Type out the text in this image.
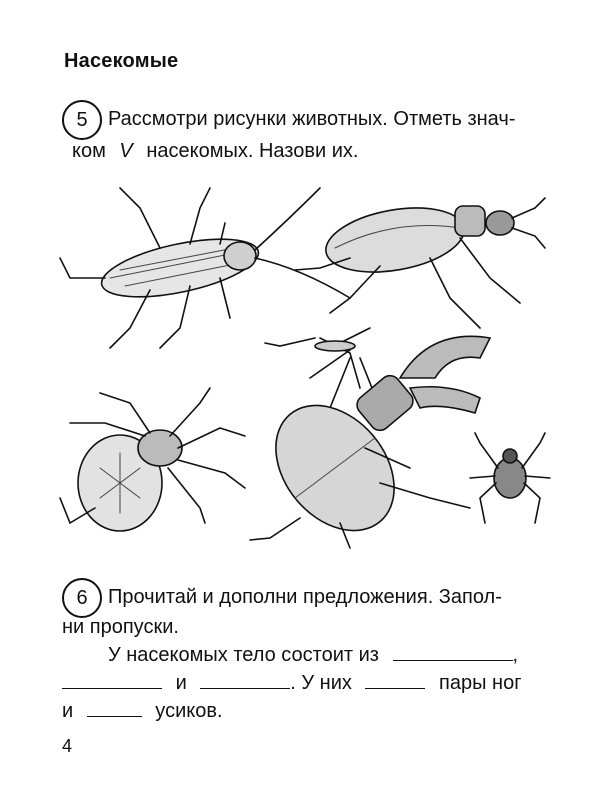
Насекомые
5	Рассмотри рисунки животных. Отметь знач-
ком V насекомых. Назови их.
6	Прочитай и дополни предложения. Запол-
ни пропуски.
У насекомых тело состоит из	,
и	. У них	пары ног
и	усиков.
4
